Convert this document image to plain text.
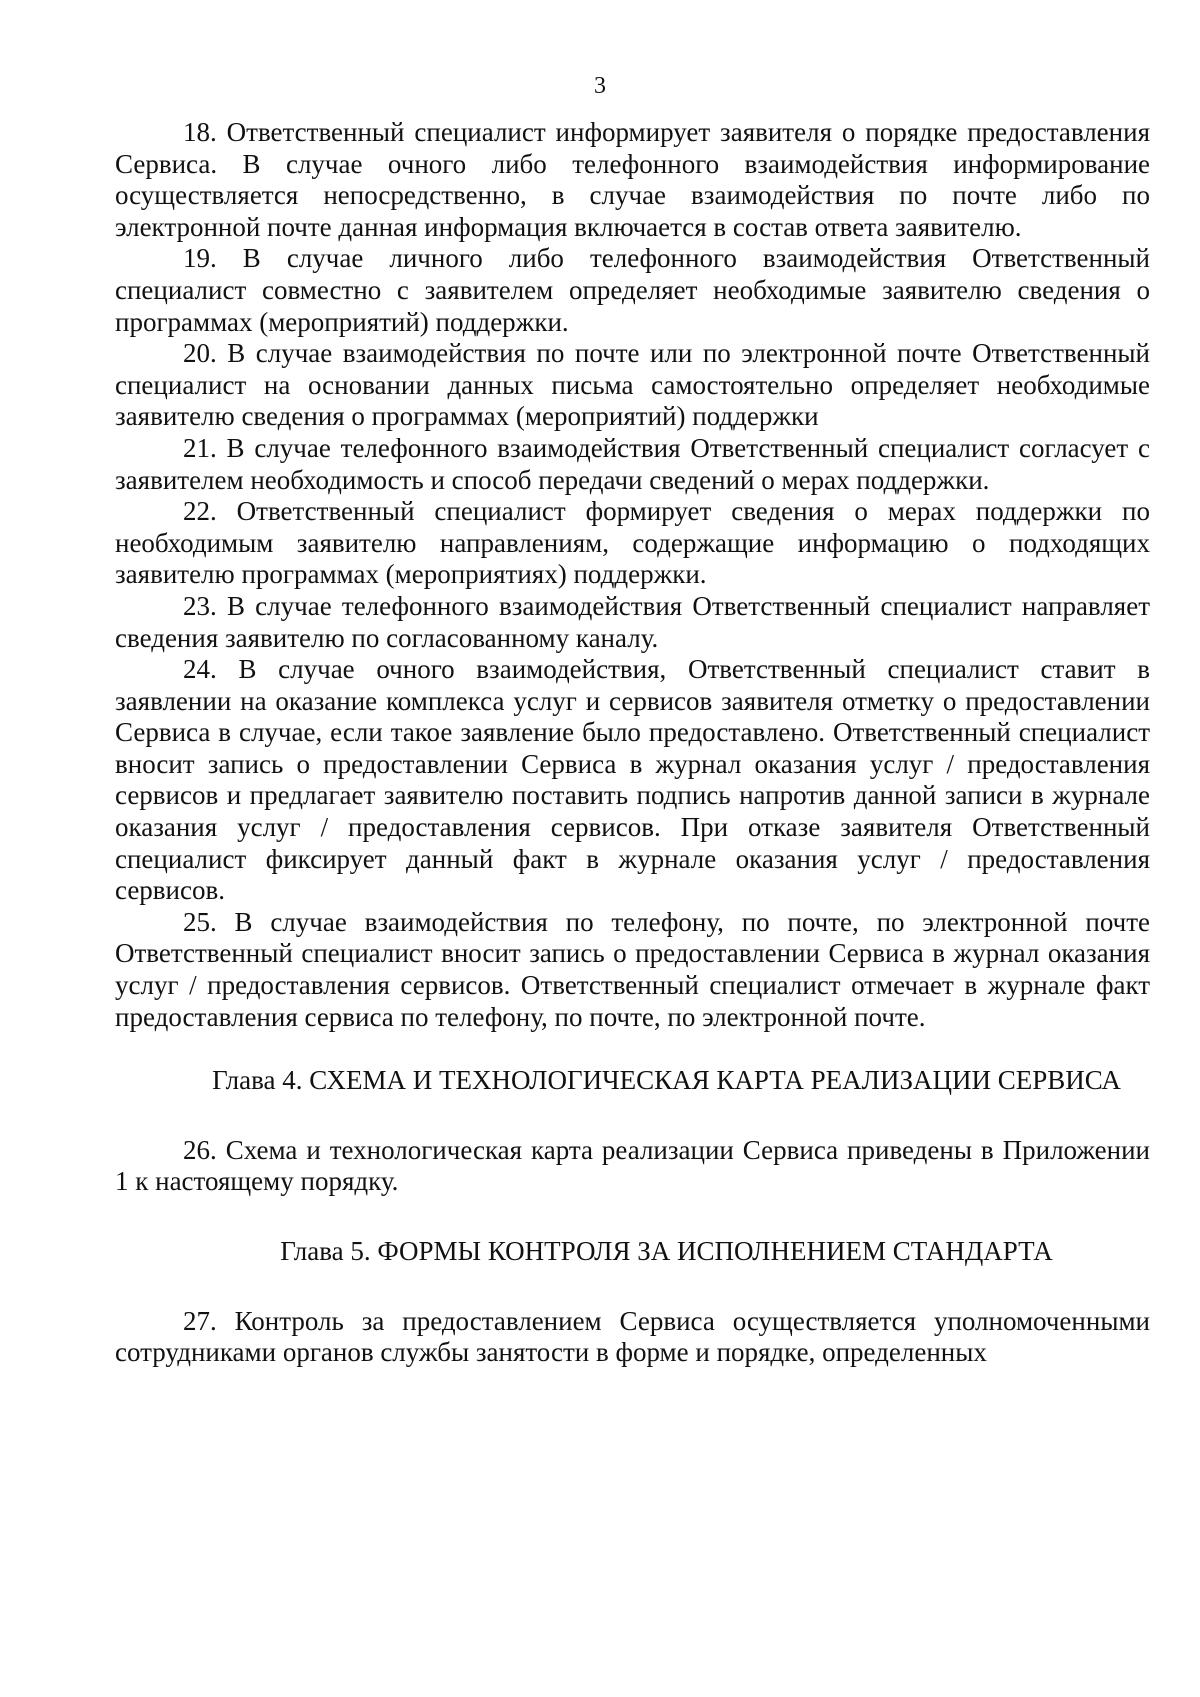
3

18. Ответственный специалист информирует заявителя о порядке предоставления Сервиса. В случае очного либо телефонного взаимодействия информирование осуществляется непосредственно, в случае взаимодействия по почте либо по электронной почте данная информация включается в состав ответа заявителю.

19. В случае личного либо телефонного взаимодействия Ответственный специалист совместно с заявителем определяет необходимые заявителю сведения о программах (мероприятий) поддержки.

20. В случае взаимодействия по почте или по электронной почте Ответственный специалист на основании данных письма самостоятельно определяет необходимые заявителю сведения о программах (мероприятий) поддержки

21. В случае телефонного взаимодействия Ответственный специалист согласует с заявителем необходимость и способ передачи сведений о мерах поддержки.

22. Ответственный специалист формирует сведения о мерах поддержки по необходимым заявителю направлениям, содержащие информацию о подходящих заявителю программах (мероприятиях) поддержки.

23. В случае телефонного взаимодействия Ответственный специалист направляет сведения заявителю по согласованному каналу.

24. В случае очного взаимодействия, Ответственный специалист ставит в заявлении на оказание комплекса услуг и сервисов заявителя отметку о предоставлении Сервиса в случае, если такое заявление было предоставлено. Ответственный специалист вносит запись о предоставлении Сервиса в журнал оказания услуг / предоставления сервисов и предлагает заявителю поставить подпись напротив данной записи в журнале оказания услуг / предоставления сервисов. При отказе заявителя Ответственный специалист фиксирует данный факт в журнале оказания услуг / предоставления сервисов.

25. В случае взаимодействия по телефону, по почте, по электронной почте Ответственный специалист вносит запись о предоставлении Сервиса в журнал оказания услуг / предоставления сервисов. Ответственный специалист отмечает в журнале факт предоставления сервиса по телефону, по почте, по электронной почте.

Глава 4. СХЕМА И ТЕХНОЛОГИЧЕСКАЯ КАРТА РЕАЛИЗАЦИИ СЕРВИСА

26. Схема и технологическая карта реализации Сервиса приведены в Приложении 1 к настоящему порядку.

Глава 5. ФОРМЫ КОНТРОЛЯ ЗА ИСПОЛНЕНИЕМ СТАНДАРТА

27. Контроль за предоставлением Сервиса осуществляется уполномоченными сотрудниками органов службы занятости в форме и порядке, определенных
